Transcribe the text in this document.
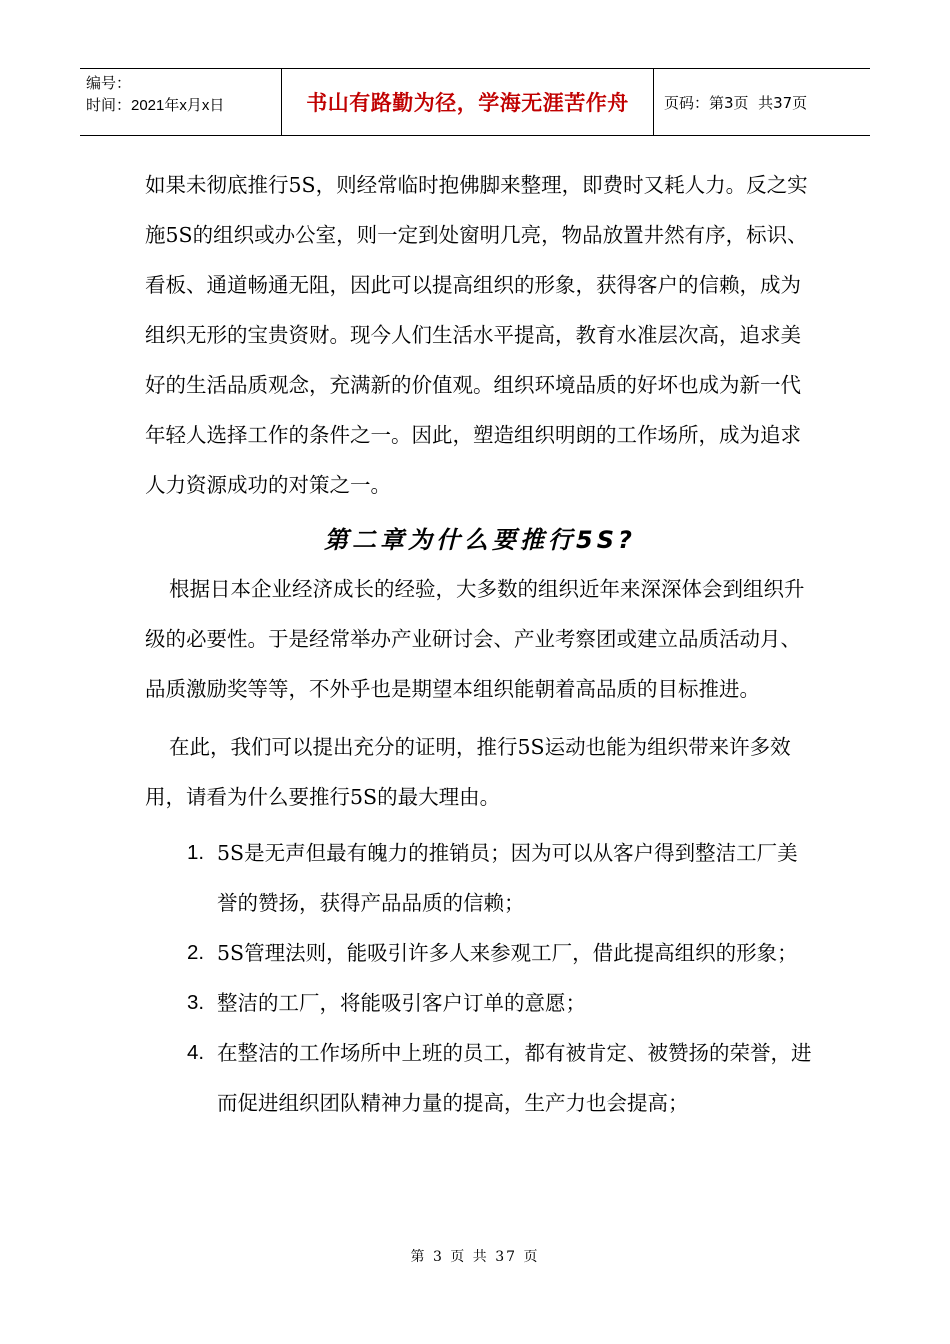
编号：
时间：2021年x月x日	书山有路勤为径，学海无涯苦作舟 页码：第3页  共37页

如果未彻底推行5S，则经常临时抱佛脚来整理，即费时又耗人力。反之实施5S的组织或办公室，则一定到处窗明几亮，物品放置井然有序，标识、看板、通道畅通无阻，因此可以提高组织的形象，获得客户的信赖，成为组织无形的宝贵资财。现今人们生活水平提高，教育水准层次高，追求美好的生活品质观念，充满新的价值观。组织环境品质的好坏也成为新一代年轻人选择工作的条件之一。因此，塑造组织明朗的工作场所，成为追求人力资源成功的对策之一。

第二章为什么要推行5S?

根据日本企业经济成长的经验，大多数的组织近年来深深体会到组织升级的必要性。于是经常举办产业研讨会、产业考察团或建立品质活动月、品质激励奖等等，不外乎也是期望本组织能朝着高品质的目标推进。

在此，我们可以提出充分的证明，推行5S运动也能为组织带来许多效用，请看为什么要推行5S的最大理由。

1. 5S是无声但最有魄力的推销员；因为可以从客户得到整洁工厂美誉的赞扬，获得产品品质的信赖；
2. 5S管理法则，能吸引许多人来参观工厂，借此提高组织的形象；
3. 整洁的工厂，将能吸引客户订单的意愿；
4. 在整洁的工作场所中上班的员工，都有被肯定、被赞扬的荣誉，进而促进组织团队精神力量的提高，生产力也会提高；
第 3 页 共 37 页
